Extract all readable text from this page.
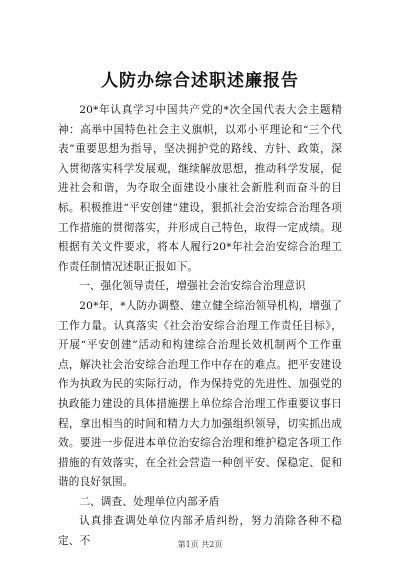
人防办综合述职述廉报告

20*年认真学习中国共产党的*次全国代表大会主题精神：高举中国特色社会主义旗帜，以邓小平理论和“三个代表”重要思想为指导，坚决拥护党的路线、方针、政策，深入贯彻落实科学发展观，继续解放思想，推动科学发展，促进社会和谐，为夺取全面建设小康社会新胜利而奋斗的目标。积极推进“平安创建”建设，狠抓社会治安综合治理各项工作措施的贯彻落实，并形成自己特色，取得一定成绩。现根据有关文件要求，将本人履行20*年社会治安综合治理工作责任制情况述职正报如下。

一、强化领导责任，增强社会治安综合治理意识

20*年，*人防办调整、建立健全综治领导机构，增强了工作力量。认真落实《社会治安综合治理工作责任目标》，开展“平安创建”活动和构建综合治理长效机制两个工作重点，解决社会治安综合治理工作中存在的难点。把平安建设作为执政为民的实际行动，作为保持党的先进性、加强党的执政能力建设的具体措施摆上单位综合治理工作重要议事日程，拿出相当的时间和精力大力加强组织领导，切实抓出成效。要进一步促进本单位治安综合治理和维护稳定各项工作措施的有效落实，在全社会营造一种创平安、保稳定、促和谐的良好氛围。

二、调查、处理单位内部矛盾

认真排查调处单位内部矛盾纠纷，努力消除各种不稳定、不	第1页 共2页
